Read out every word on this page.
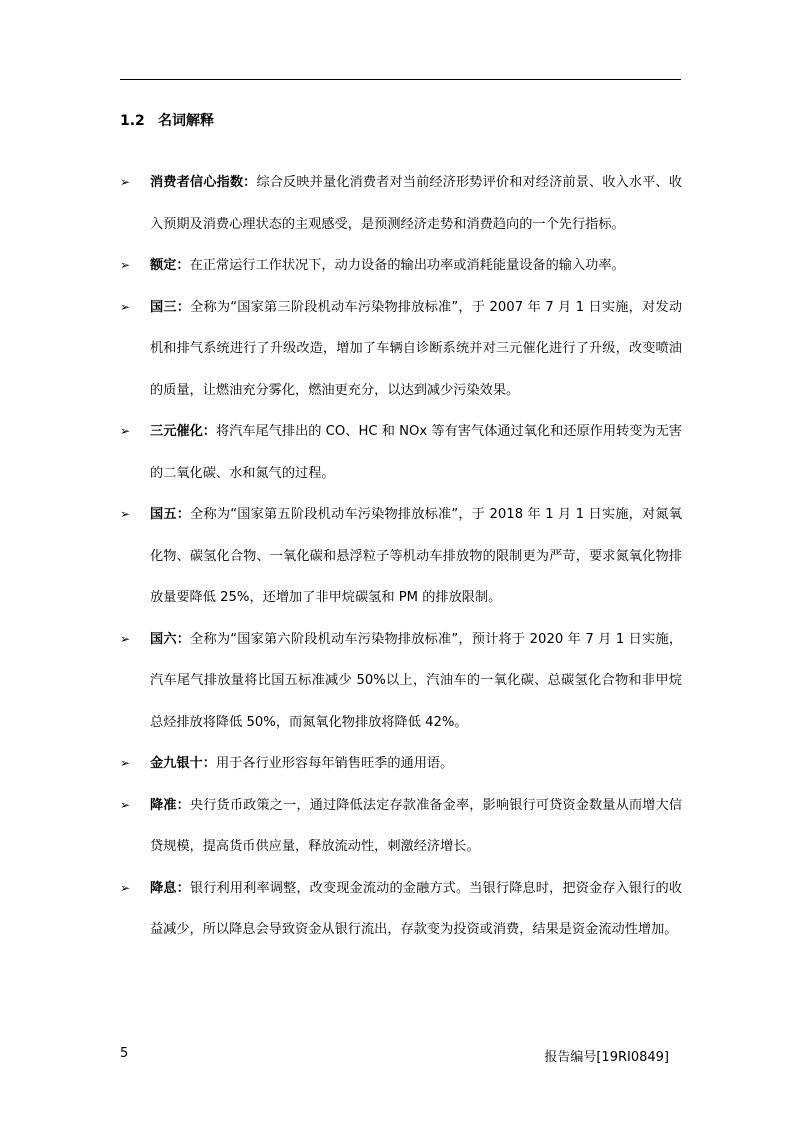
1.2 名词解释
➢ 消费者信心指数：综合反映并量化消费者对当前经济形势评价和对经济前景、收入水平、收入预期及消费心理状态的主观感受，是预测经济走势和消费趋向的一个先行指标。
➢ 额定：在正常运行工作状况下，动力设备的输出功率或消耗能量设备的输入功率。
➢ 国三：全称为“国家第三阶段机动车污染物排放标准”，于 2007 年 7 月 1 日实施，对发动机和排气系统进行了升级改造，增加了车辆自诊断系统并对三元催化进行了升级，改变喷油的质量，让燃油充分雾化，燃油更充分，以达到减少污染效果。
➢ 三元催化：将汽车尾气排出的 CO、HC 和 NOx 等有害气体通过氧化和还原作用转变为无害的二氧化碳、水和氮气的过程。
➢ 国五：全称为“国家第五阶段机动车污染物排放标准”，于 2018 年 1 月 1 日实施，对氮氧化物、碳氢化合物、一氧化碳和悬浮粒子等机动车排放物的限制更为严苛，要求氮氧化物排放量要降低 25%，还增加了非甲烷碳氢和 PM 的排放限制。
➢ 国六：全称为“国家第六阶段机动车污染物排放标准”，预计将于 2020 年 7 月 1 日实施，汽车尾气排放量将比国五标准减少 50%以上，汽油车的一氧化碳、总碳氢化合物和非甲烷总烃排放将降低 50%，而氮氧化物排放将降低 42%。
➢ 金九银十：用于各行业形容每年销售旺季的通用语。
➢ 降准：央行货币政策之一，通过降低法定存款准备金率，影响银行可贷资金数量从而增大信贷规模，提高货币供应量，释放流动性，刺激经济增长。
➢ 降息：银行利用利率调整，改变现金流动的金融方式。当银行降息时，把资金存入银行的收益减少，所以降息会导致资金从银行流出，存款变为投资或消费，结果是资金流动性增加。
5	报告编号[19RI0849]
